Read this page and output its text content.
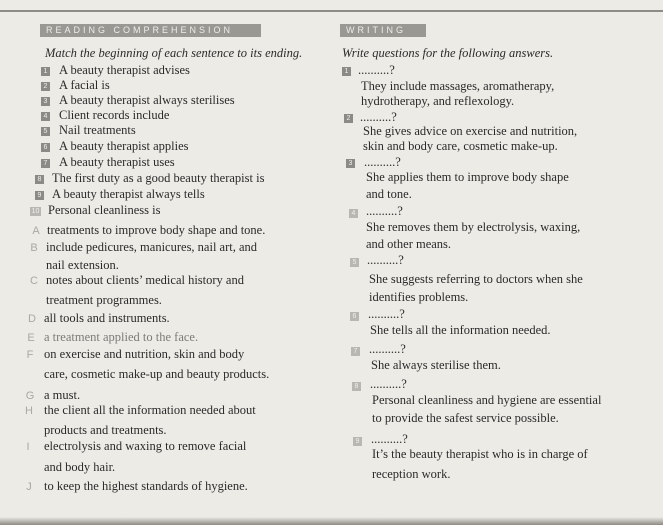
READING COMPREHENSION	WRITING
Match the beginning of each sentence to its ending.	Write questions for the following answers.
1 A beauty therapist advises
2 A facial is
3 A beauty therapist always sterilises
4 Client records include
5 Nail treatments
6 A beauty therapist applies
7 A beauty therapist uses
8 The first duty as a good beauty therapist is
9 A beauty therapist always tells
10 Personal cleanliness is
A treatments to improve body shape and tone.
B include pedicures, manicures, nail art, and
nail extension.
C notes about clients’ medical history and
treatment programmes.
D all tools and instruments.
E a treatment applied to the face.
F on exercise and nutrition, skin and body
care, cosmetic make-up and beauty products.
G a must.
H the client all the information needed about
products and treatments.
I electrolysis and waxing to remove facial
and body hair.
J to keep the highest standards of hygiene.
1 ..........?
They include massages, aromatherapy,
hydrotherapy, and reflexology.
2 ..........?
She gives advice on exercise and nutrition,
skin and body care, cosmetic make-up.
3 ..........?
She applies them to improve body shape
and tone.
4 ..........?
She removes them by electrolysis, waxing,
and other means.
5 ..........?
She suggests referring to doctors when she
identifies problems.
6 ..........?
She tells all the information needed.
7 ..........?
She always sterilise them.
8 ..........?
Personal cleanliness and hygiene are essential
to provide the safest service possible.
9 ..........?
It’s the beauty therapist who is in charge of
reception work.
